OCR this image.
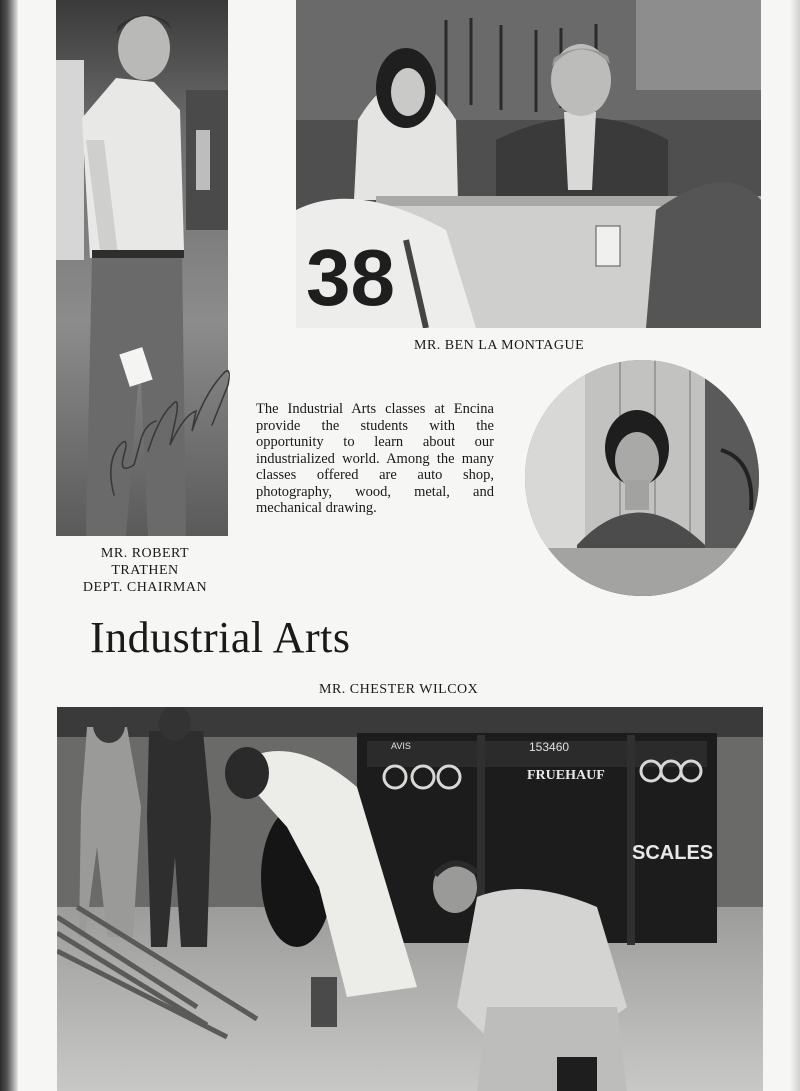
38
MR. BEN LA MONTAGUE

The Industrial Arts classes at Encina provide the students with the opportunity to learn about our industrialized world. Among the many classes offered are auto shop, photography, wood, metal, and mechanical drawing.

MR. ROBERT
TRATHEN
DEPT. CHAIRMAN
Industrial Arts
MR. CHESTER WILCOX
153460
FRUEHAUF
SCALES
AVIS
